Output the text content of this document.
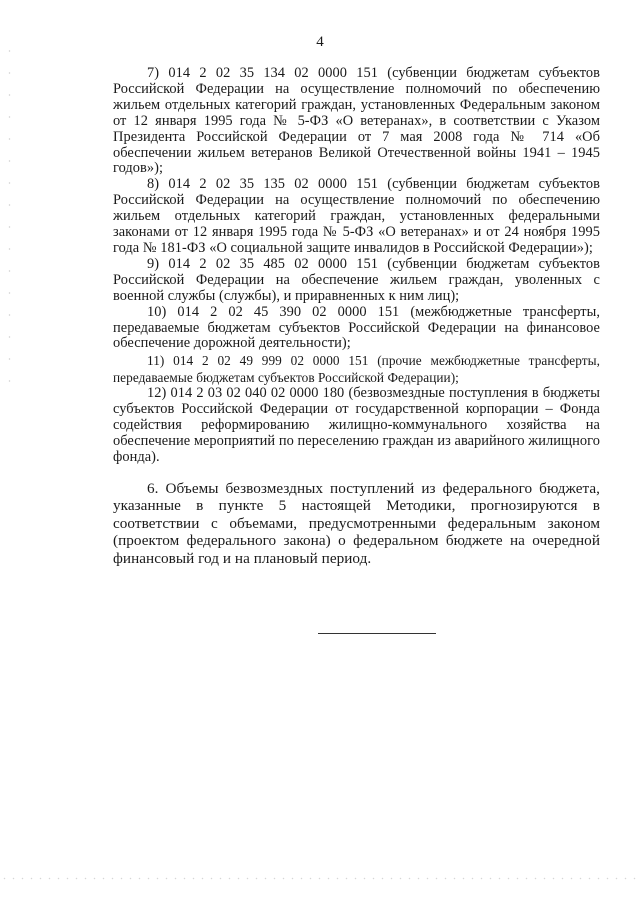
4

7) 014 2 02 35 134 02 0000 151 (субвенции бюджетам субъектов Российской Федерации на осуществление полномочий по обеспечению жильем отдельных категорий граждан, установленных Федеральным законом от 12 января 1995 года № 5-ФЗ «О ветеранах», в соответствии с Указом Президента Российской Федерации от 7 мая 2008 года № 714 «Об обеспечении жильем ветеранов Великой Отечественной войны 1941 – 1945 годов»);

8) 014 2 02 35 135 02 0000 151 (субвенции бюджетам субъектов Российской Федерации на осуществление полномочий по обеспечению жильем отдельных категорий граждан, установленных федеральными законами от 12 января 1995 года № 5-ФЗ «О ветеранах» и от 24 ноября 1995 года № 181-ФЗ «О социальной защите инвалидов в Российской Федерации»);

9) 014 2 02 35 485 02 0000 151 (субвенции бюджетам субъектов Российской Федерации на обеспечение жильем граждан, уволенных с военной службы (службы), и приравненных к ним лиц);

10) 014 2 02 45 390 02 0000 151 (межбюджетные трансферты, передаваемые бюджетам субъектов Российской Федерации на финансовое обеспечение дорожной деятельности);

11) 014 2 02 49 999 02 0000 151 (прочие межбюджетные трансферты, передаваемые бюджетам субъектов Российской Федерации);

12) 014 2 03 02 040 02 0000 180 (безвозмездные поступления в бюджеты субъектов Российской Федерации от государственной корпорации – Фонда содействия реформированию жилищно-коммунального хозяйства на обеспечение мероприятий по переселению граждан из аварийного жилищного фонда).

6. Объемы безвозмездных поступлений из федерального бюджета, указанные в пункте 5 настоящей Методики, прогнозируются в соответствии с объемами, предусмотренными федеральным законом (проектом федерального закона) о федеральном бюджете на очередной финансовый год и на плановый период.
